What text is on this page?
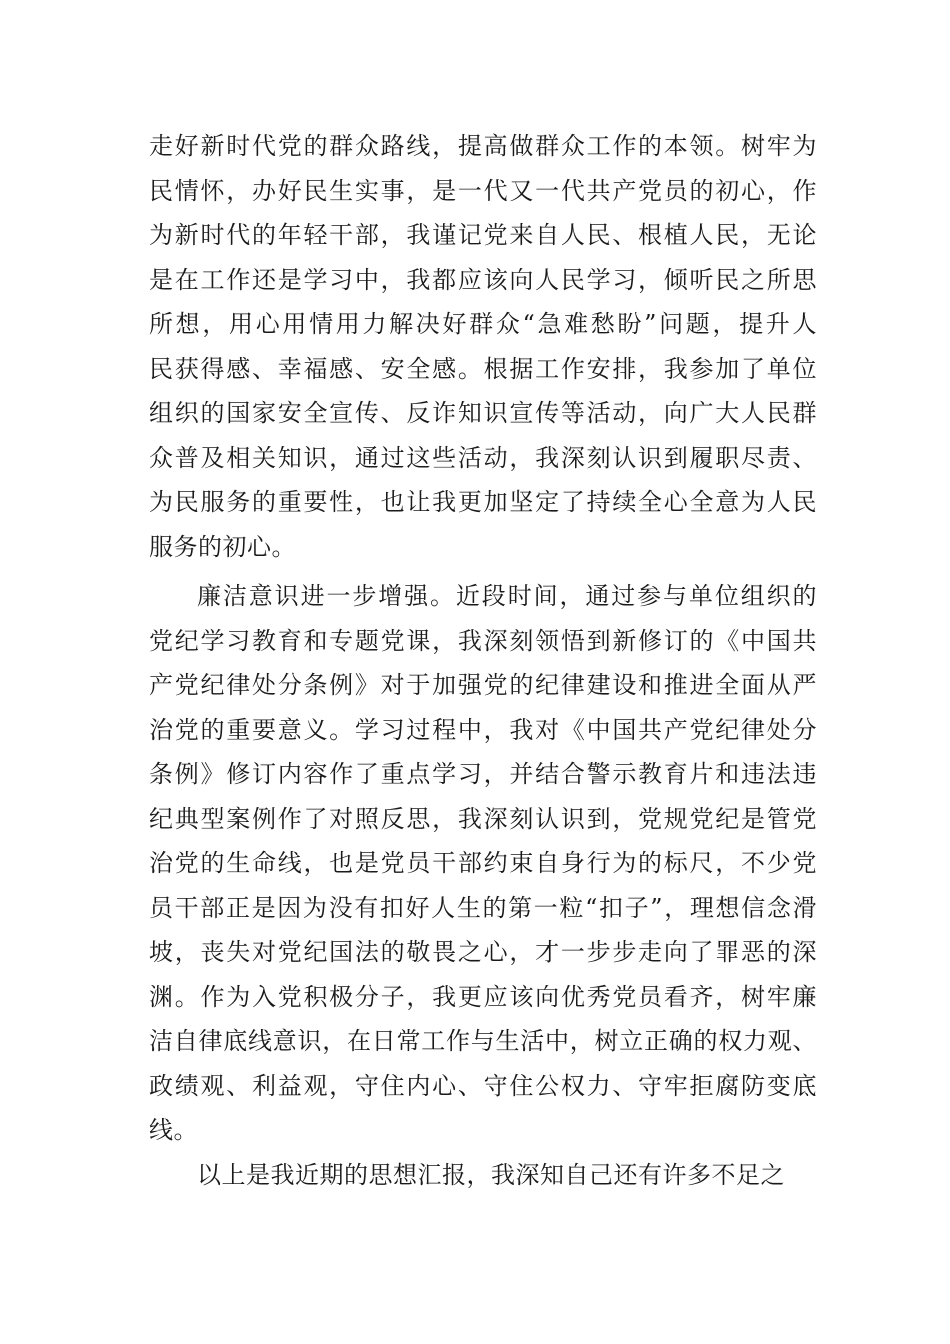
走好新时代党的群众路线，提高做群众工作的本领。树牢为
民情怀，办好民生实事，是一代又一代共产党员的初心，作
为新时代的年轻干部，我谨记党来自人民、根植人民，无论
是在工作还是学习中，我都应该向人民学习，倾听民之所思
所想，用心用情用力解决好群众“急难愁盼”问题，提升人
民获得感、幸福感、安全感。根据工作安排，我参加了单位
组织的国家安全宣传、反诈知识宣传等活动，向广大人民群
众普及相关知识，通过这些活动，我深刻认识到履职尽责、
为民服务的重要性，也让我更加坚定了持续全心全意为人民
服务的初心。
廉洁意识进一步增强。近段时间，通过参与单位组织的
党纪学习教育和专题党课，我深刻领悟到新修订的《中国共
产党纪律处分条例》对于加强党的纪律建设和推进全面从严
治党的重要意义。学习过程中，我对《中国共产党纪律处分
条例》修订内容作了重点学习，并结合警示教育片和违法违
纪典型案例作了对照反思，我深刻认识到，党规党纪是管党
治党的生命线，也是党员干部约束自身行为的标尺，不少党
员干部正是因为没有扣好人生的第一粒“扣子”，理想信念滑
坡，丧失对党纪国法的敬畏之心，才一步步走向了罪恶的深
渊。作为入党积极分子，我更应该向优秀党员看齐，树牢廉
洁自律底线意识，在日常工作与生活中，树立正确的权力观、
政绩观、利益观，守住内心、守住公权力、守牢拒腐防变底
线。
以上是我近期的思想汇报，我深知自己还有许多不足之
